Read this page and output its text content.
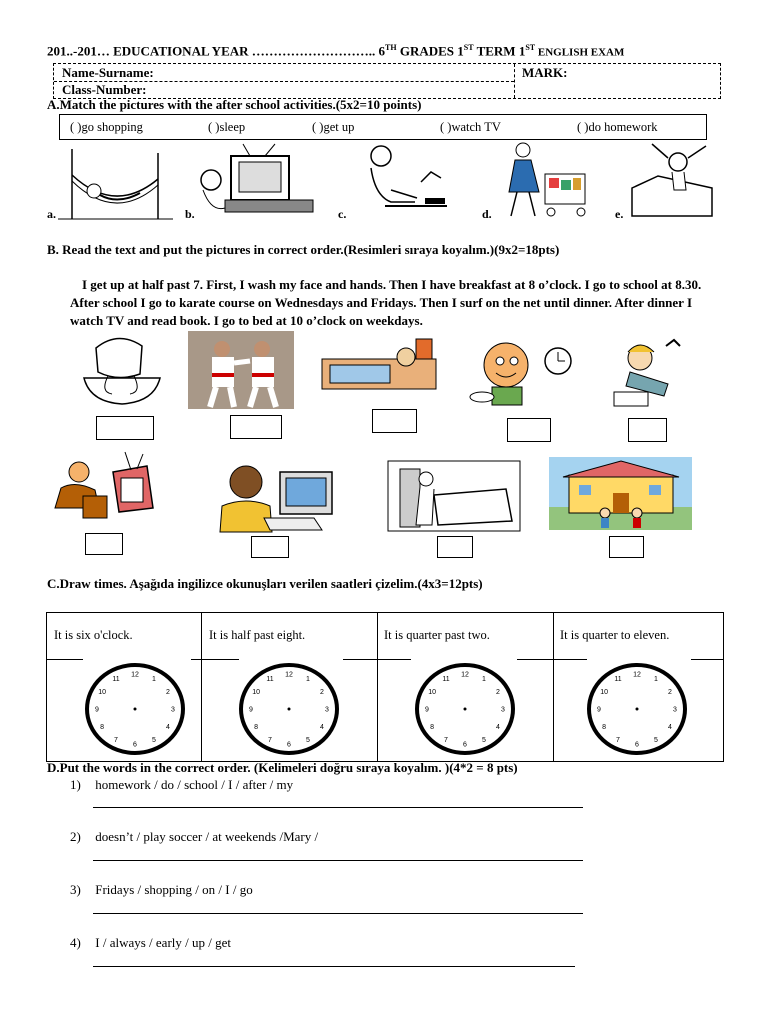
201..-201… EDUCATIONAL YEAR ……………………….. 6TH GRADES 1ST TERM 1ST ENGLISH EXAM
Name-Surname:
Class-Number:
MARK:
A.Match the pictures with the after school activities.(5x2=10 points)
( )go shopping	( )sleep	( )get up	( )watch TV	( )do homework
a.	b.	c.	d.	e.
B. Read the text and put the pictures in correct order.(Resimleri sıraya koyalım.)(9x2=18pts)
I get up at half past 7. First, I wash my face and hands. Then I have breakfast at 8 o’clock. I go to school at 8.30. After school I go to karate course on Wednesdays and Fridays. Then I surf on the net until dinner. After dinner I watch TV and read book. I go to bed at 10 o’clock on weekdays.
C.Draw times. Aşağıda ingilizce okunuşları verilen saatleri çizelim.(4x3=12pts)
It is six o'clock.	It is half past eight.	It is quarter past two.	It is quarter to eleven.
12
1
2
3
4
5
6
7
8
9
10
11
12
1
2
3
4
5
6
7
8
9
10
11
12
1
2
3
4
5
6
7
8
9
10
11
12
1
2
3
4
5
6
7
8
9
10
11
D.Put the words in the correct order. (Kelimeleri doğru sıraya koyalım. )(4*2 = 8 pts)
1) homework / do / school / I / after / my
2) doesn’t / play soccer / at weekends /Mary /
3) Fridays / shopping / on / I / go
4) I / always / early / up / get
